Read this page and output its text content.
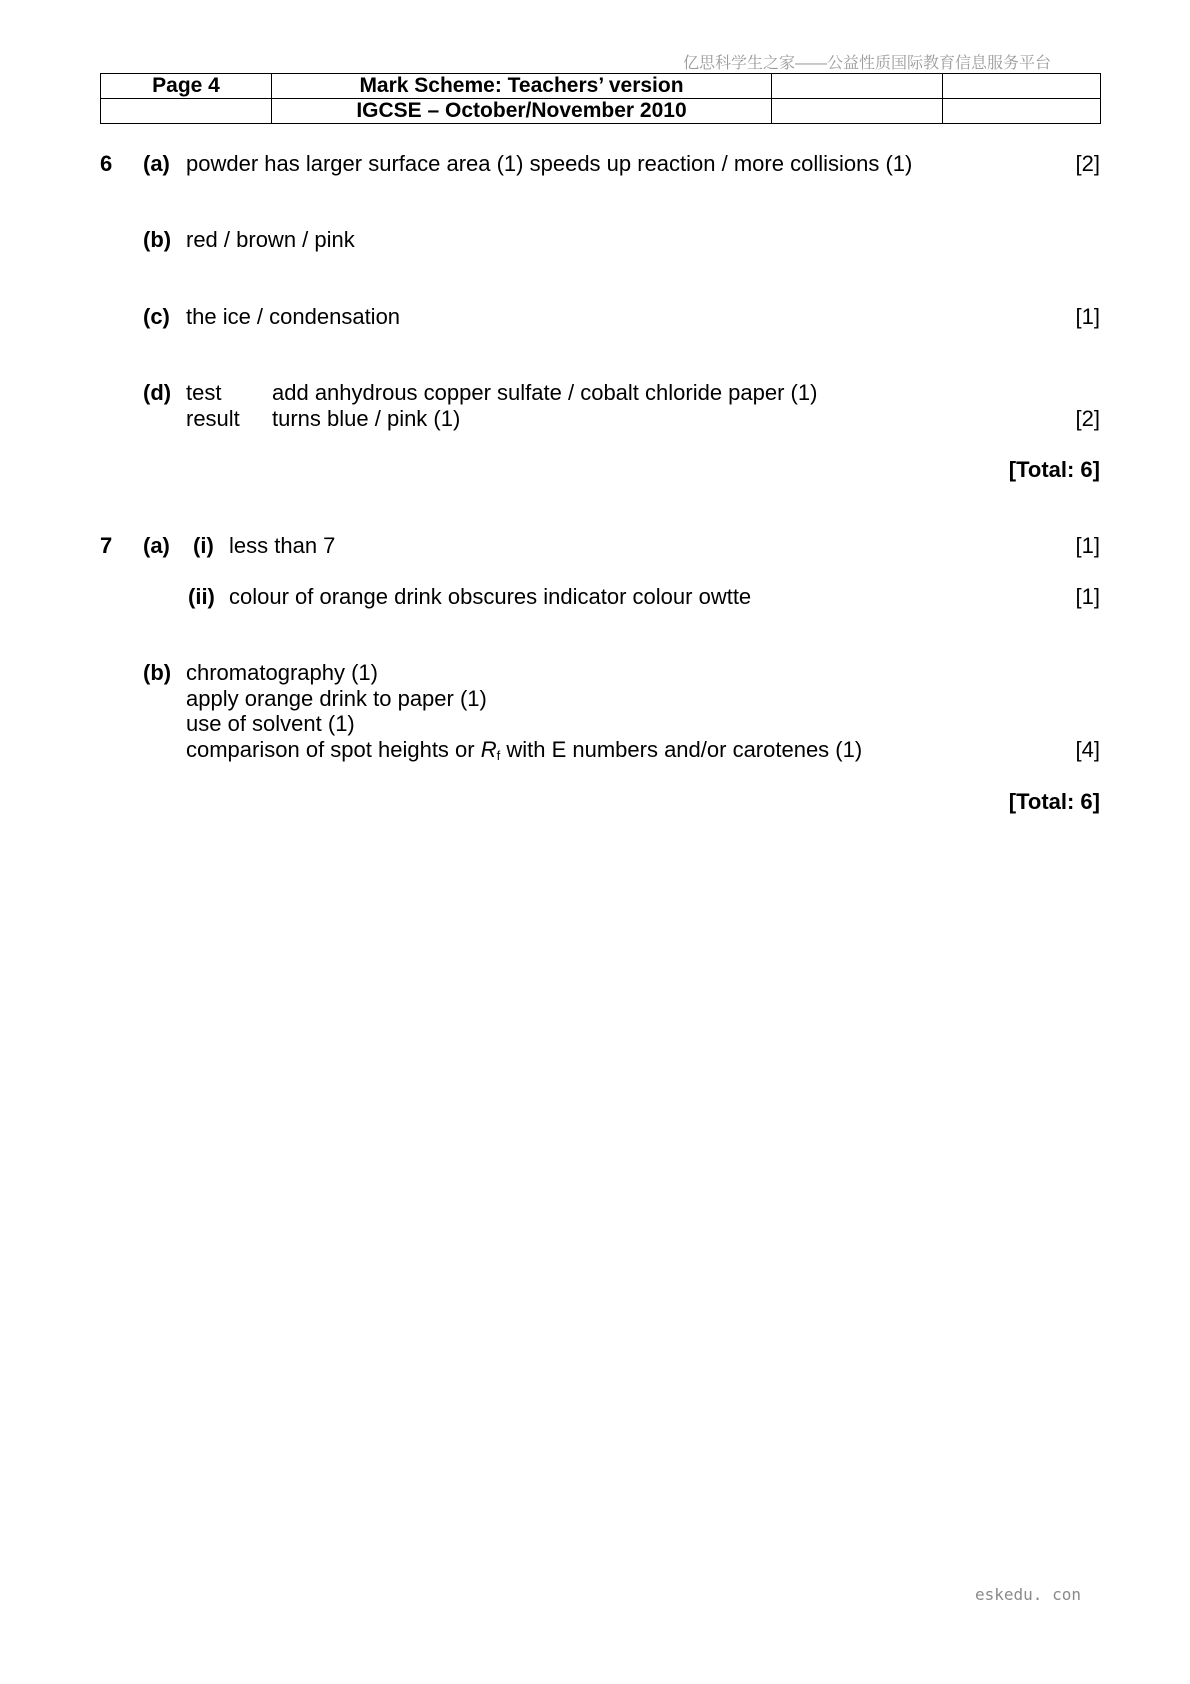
亿思科学生之家——公益性质国际教育信息服务平台
Page 4	Mark Scheme: Teachers’ version		
	IGCSE – October/November 2010		
6 (a) powder has larger surface area (1) speeds up reaction / more collisions (1)	[2]
(b) red / brown / pink
(c) the ice / condensation	[1]
(d) test add anhydrous copper sulfate / cobalt chloride paper (1)
result turns blue / pink (1)	[2]
[Total: 6]
7 (a) (i) less than 7	[1]
(ii) colour of orange drink obscures indicator colour owtte	[1]
(b) chromatography (1)
apply orange drink to paper (1)
use of solvent (1)
comparison of spot heights or $R_f$ with E numbers and/or carotenes (1)	[4]
[Total: 6]
eskedu. con
